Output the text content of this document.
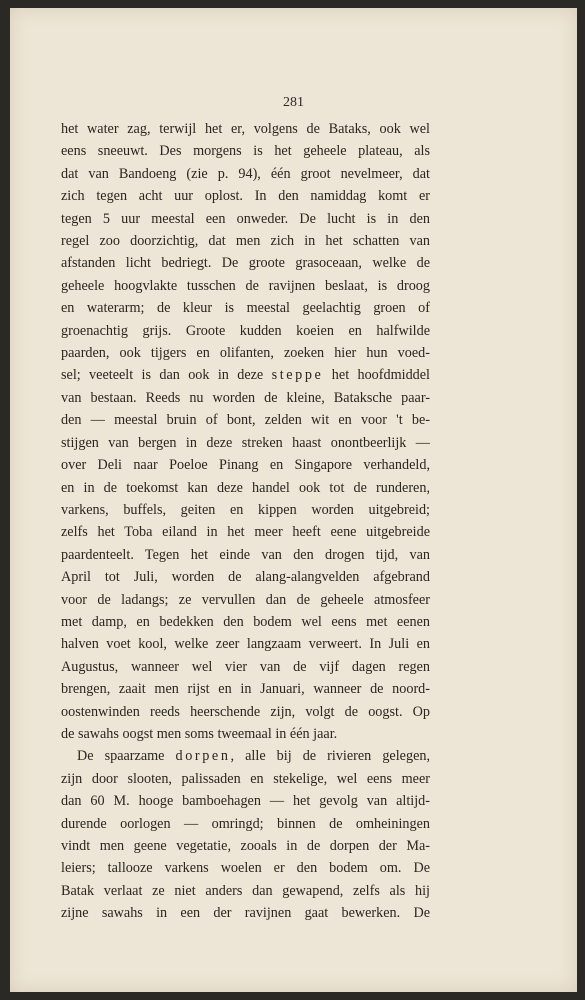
281
het water zag, terwijl het er, volgens de Bataks, ook wel
eens sneeuwt. Des morgens is het geheele plateau, als
dat van Bandoeng (zie p. 94), één groot nevelmeer, dat
zich tegen acht uur oplost. In den namiddag komt er
tegen 5 uur meestal een onweder. De lucht is in den
regel zoo doorzichtig, dat men zich in het schatten van
afstanden licht bedriegt. De groote grasoceaan, welke de
geheele hoogvlakte tusschen de ravijnen beslaat, is droog
en waterarm; de kleur is meestal geelachtig groen of
groenachtig grijs. Groote kudden koeien en halfwilde
paarden, ook tijgers en olifanten, zoeken hier hun voed-
sel; veeteelt is dan ook in deze steppe het hoofdmiddel
van bestaan. Reeds nu worden de kleine, Bataksche paar-
den — meestal bruin of bont, zelden wit en voor 't be-
stijgen van bergen in deze streken haast onontbeerlijk —
over Deli naar Poeloe Pinang en Singapore verhandeld,
en in de toekomst kan deze handel ook tot de runderen,
varkens, buffels, geiten en kippen worden uitgebreid;
zelfs het Toba eiland in het meer heeft eene uitgebreide
paardenteelt. Tegen het einde van den drogen tijd, van
April tot Juli, worden de alang-alangvelden afgebrand
voor de ladangs; ze vervullen dan de geheele atmosfeer
met damp, en bedekken den bodem wel eens met eenen
halven voet kool, welke zeer langzaam verweert. In Juli en
Augustus, wanneer wel vier van de vijf dagen regen
brengen, zaait men rijst en in Januari, wanneer de noord-
oostenwinden reeds heerschende zijn, volgt de oogst. Op
de sawahs oogst men soms tweemaal in één jaar.
De spaarzame dorpen, alle bij de rivieren gelegen,
zijn door slooten, palissaden en stekelige, wel eens meer
dan 60 M. hooge bamboehagen — het gevolg van altijd-
durende oorlogen — omringd; binnen de omheiningen
vindt men geene vegetatie, zooals in de dorpen der Ma-
leiers; tallooze varkens woelen er den bodem om. De
Batak verlaat ze niet anders dan gewapend, zelfs als hij
zijne sawahs in een der ravijnen gaat bewerken. De
